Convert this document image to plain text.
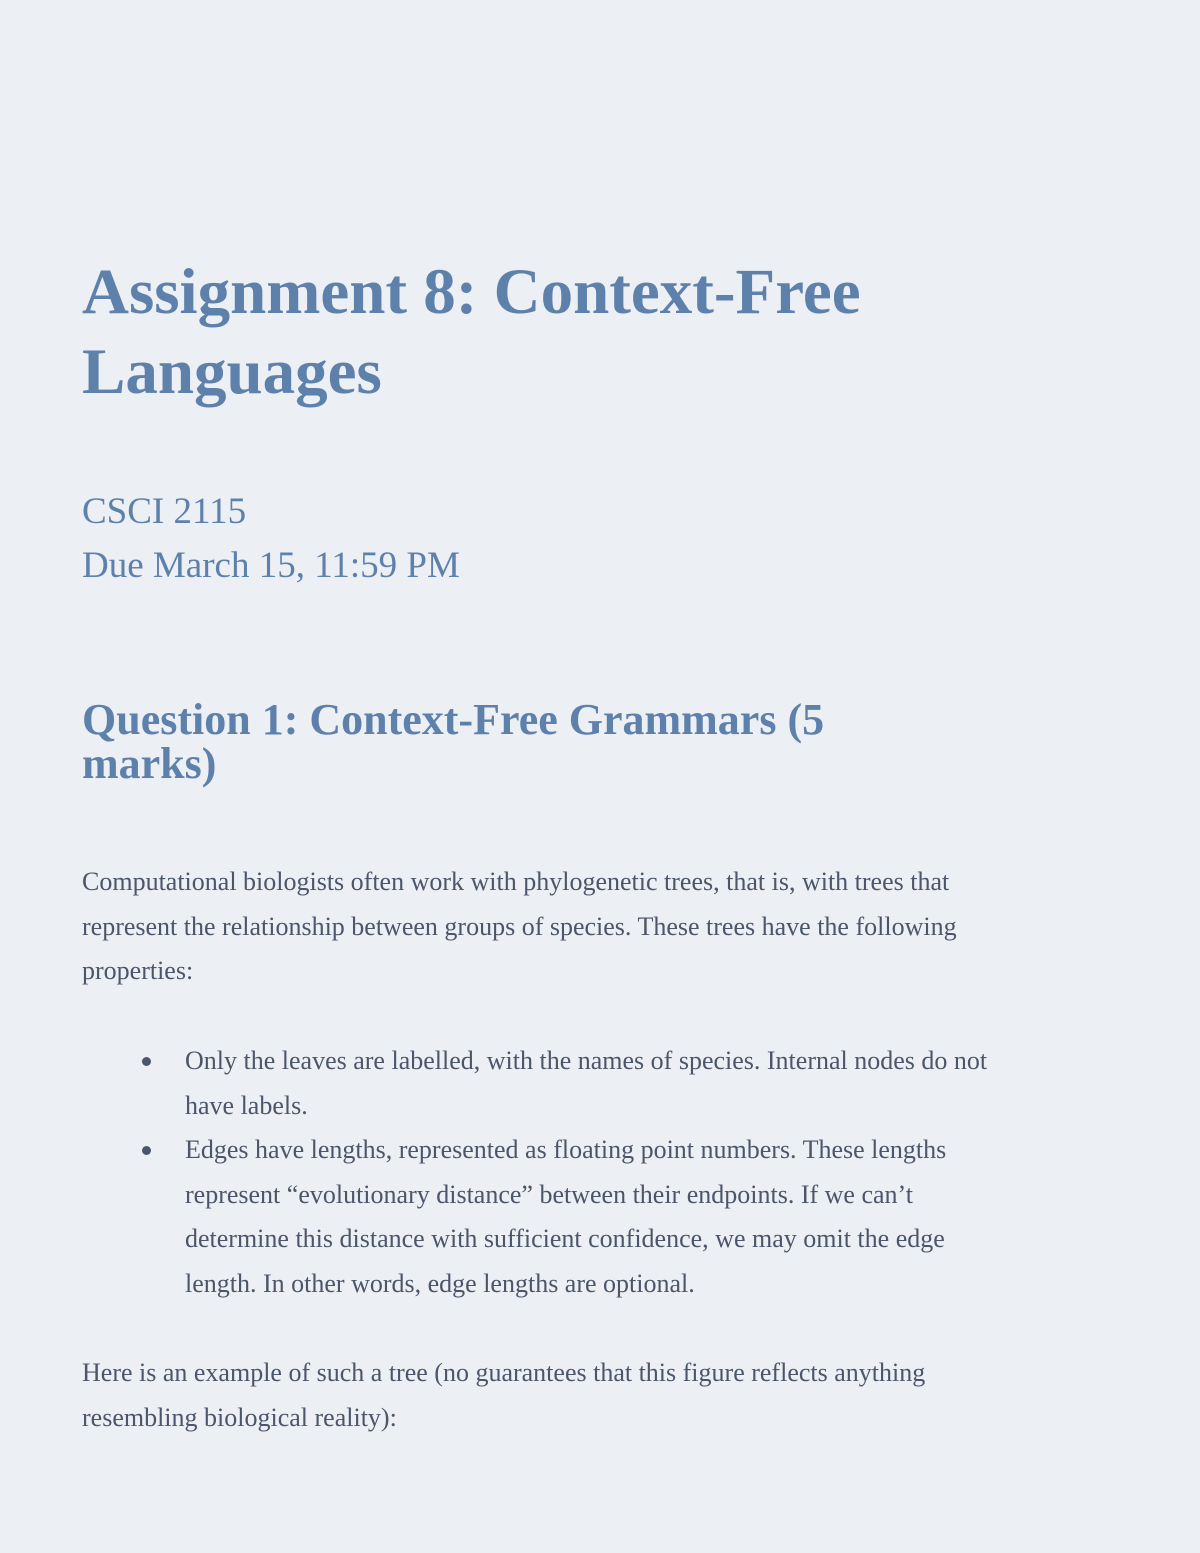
Assignment 8: Context-Free
Languages
CSCI 2115
Due March 15, 11:59 PM
Question 1: Context-Free Grammars (5
marks)
Computational biologists often work with phylogenetic trees, that is, with trees that
represent the relationship between groups of species. These trees have the following
properties:
Only the leaves are labelled, with the names of species. Internal nodes do not
have labels.
Edges have lengths, represented as floating point numbers. These lengths
represent “evolutionary distance” between their endpoints. If we can’t
determine this distance with sufficient confidence, we may omit the edge
length. In other words, edge lengths are optional.
Here is an example of such a tree (no guarantees that this figure reflects anything
resembling biological reality):
